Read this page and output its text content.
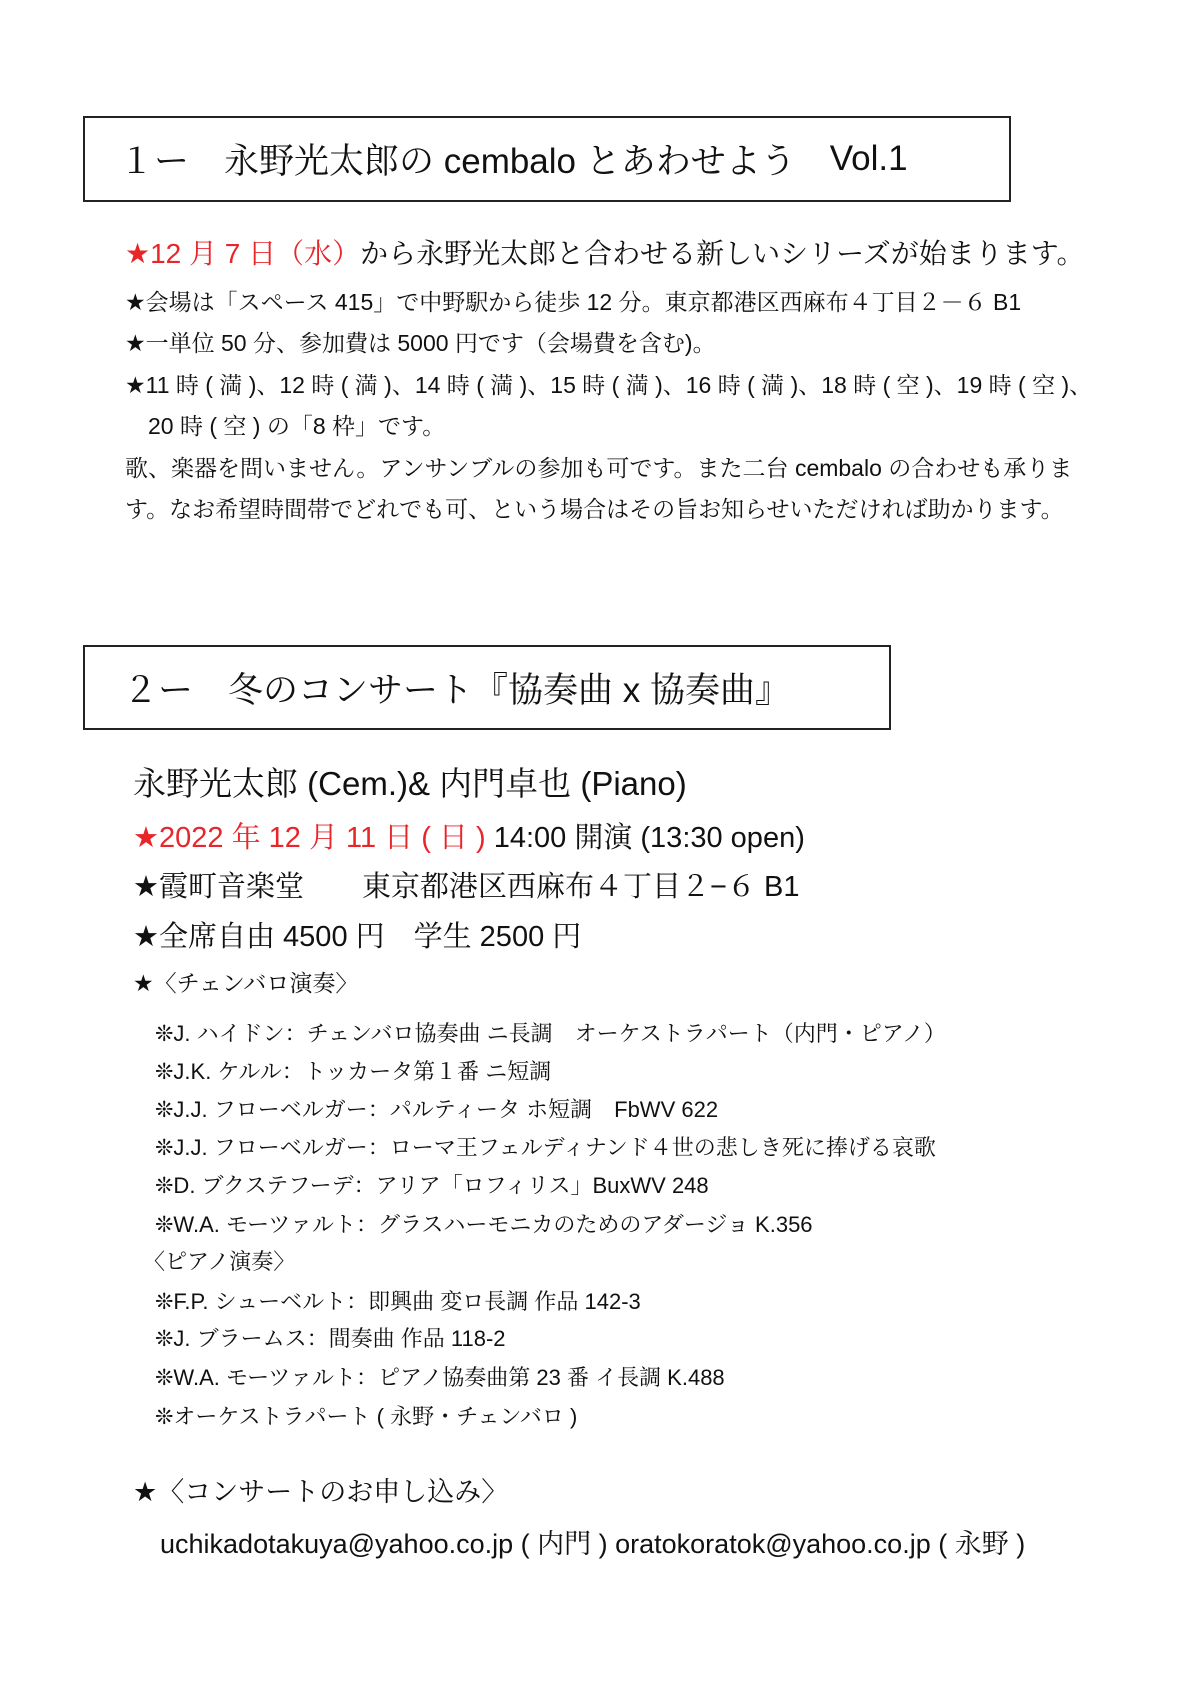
１ー　永野光太郎の cembalo とあわせよう Vol.1
★12 月 7 日（水）から永野光太郎と合わせる新しいシリーズが始まります。
★会場は「スペース 415」で中野駅から徒歩 12 分。東京都港区西麻布４丁目２－６ B1
★一単位 50 分、参加費は 5000 円です（会場費を含む)。
★11 時 ( 満 )、12 時 ( 満 )、14 時 ( 満 )、15 時 ( 満 )、16 時 ( 満 )、18 時 ( 空 )、19 時 ( 空 )、
　20 時 ( 空 ) の「8 枠」です。
歌、楽器を問いません。アンサンブルの参加も可です。また二台 cembalo の合わせも承りま
す。なお希望時間帯でどれでも可、という場合はその旨お知らせいただければ助かります。
２ー　冬のコンサート『協奏曲 x 協奏曲』
永野光太郎 (Cem.)& 内門卓也 (Piano)
★2022 年 12 月 11 日 ( 日 ) 14:00 開演 (13:30 open)
★霞町音楽堂　　東京都港区西麻布４丁目２−６ B1
★全席自由 4500 円　学生 2500 円
★〈チェンバロ演奏〉
❊J. ハイドン：チェンバロ協奏曲 ニ長調　オーケストラパート（内門・ピアノ）
❊J.K. ケルル：トッカータ第１番 ニ短調
❊J.J. フローベルガー：パルティータ ホ短調　FbWV 622
❊J.J. フローベルガー：ローマ王フェルディナンド４世の悲しき死に捧げる哀歌
❊D. ブクステフーデ：アリア「ロフィリス」BuxWV 248
❊W.A. モーツァルト：グラスハーモニカのためのアダージョ K.356
〈ピアノ演奏〉
❊F.P. シューベルト：即興曲 変ロ長調 作品 142-3
❊J. ブラームス：間奏曲 作品 118-2
❊W.A. モーツァルト：ピアノ協奏曲第 23 番 イ長調 K.488
❊オーケストラパート ( 永野・チェンバロ )
★〈コンサートのお申し込み〉
uchikadotakuya@yahoo.co.jp ( 内門 ) oratokoratok@yahoo.co.jp ( 永野 )
